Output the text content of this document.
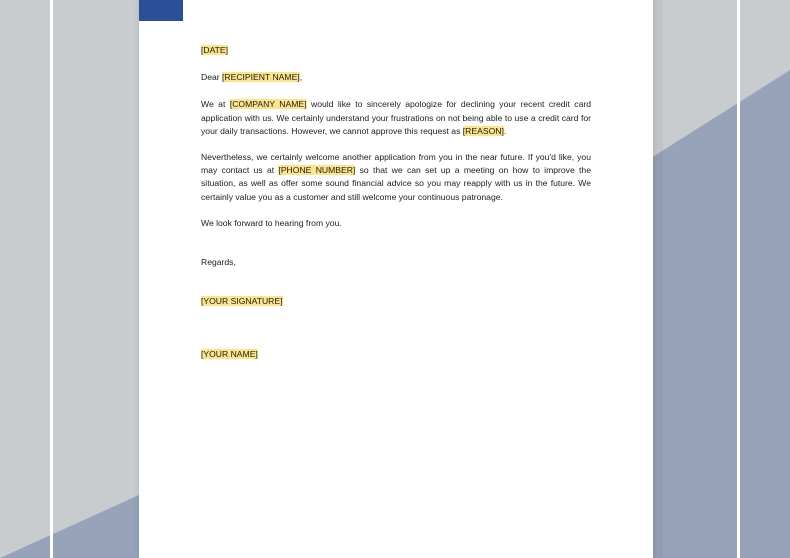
[DATE]

Dear [RECIPIENT NAME],

We at [COMPANY NAME] would like to sincerely apologize for declining your recent credit card application with us. We certainly understand your frustrations on not being able to use a credit card for your daily transactions. However, we cannot approve this request as [REASON].

Nevertheless, we certainly welcome another application from you in the near future. If you'd like, you may contact us at [PHONE NUMBER] so that we can set up a meeting on how to improve the situation, as well as offer some sound financial advice so you may reapply with us in the future. We certainly value you as a customer and still welcome your continuous patronage.

We look forward to hearing from you.

Regards,

[YOUR SIGNATURE]

[YOUR NAME]
